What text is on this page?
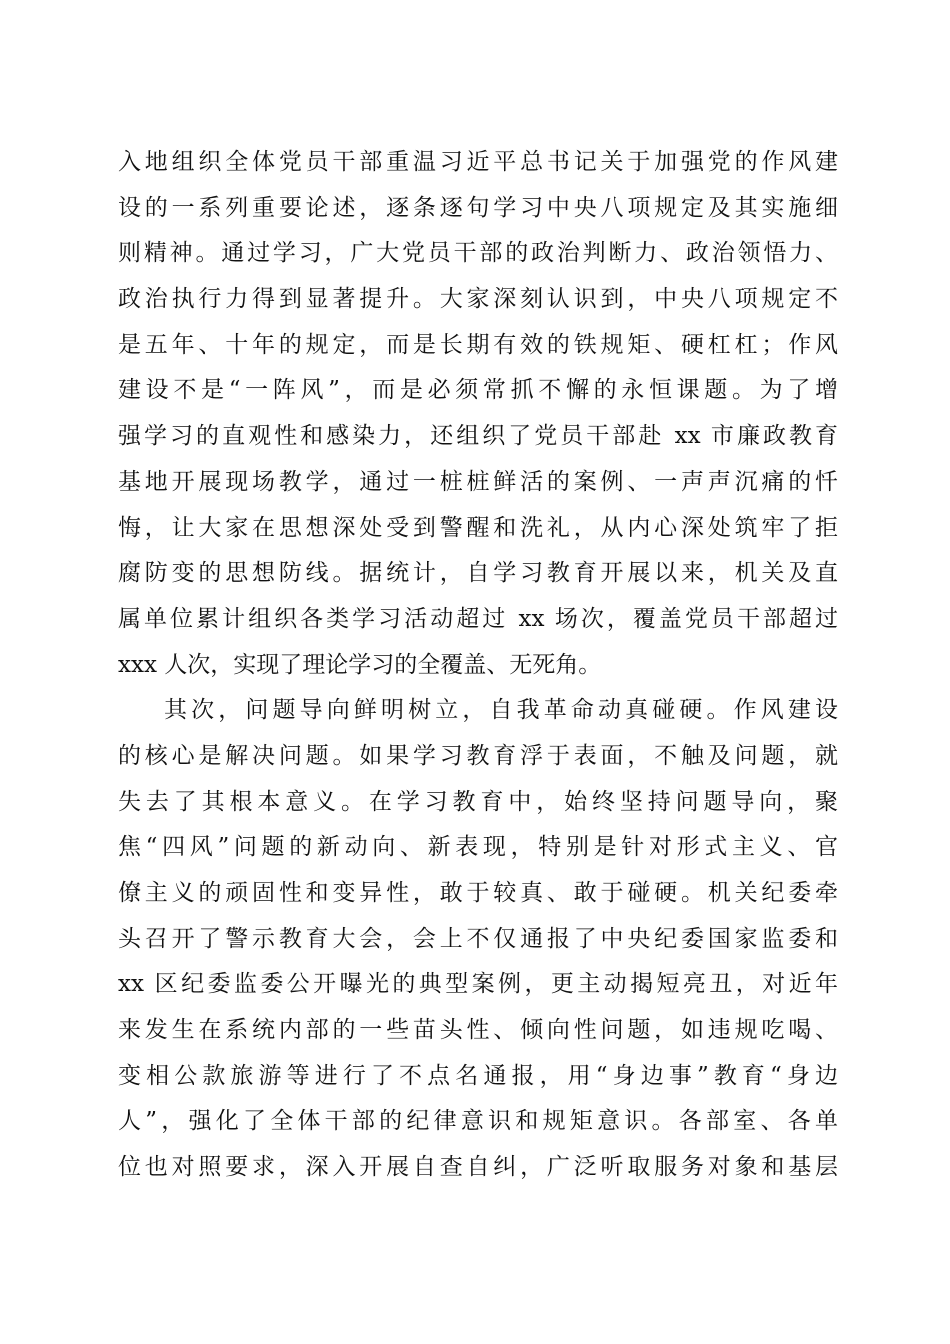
入地组织全体党员干部重温习近平总书记关于加强党的作风建
设的一系列重要论述，逐条逐句学习中央八项规定及其实施细
则精神。通过学习，广大党员干部的政治判断力、政治领悟力、
政治执行力得到显著提升。大家深刻认识到，中央八项规定不
是五年、十年的规定，而是长期有效的铁规矩、硬杠杠；作风
建设不是“一阵风”，而是必须常抓不懈的永恒课题。为了增
强学习的直观性和感染力，还组织了党员干部赴 xx 市廉政教育
基地开展现场教学，通过一桩桩鲜活的案例、一声声沉痛的忏
悔，让大家在思想深处受到警醒和洗礼，从内心深处筑牢了拒
腐防变的思想防线。据统计，自学习教育开展以来，机关及直
属单位累计组织各类学习活动超过 xx 场次，覆盖党员干部超过
xxx 人次，实现了理论学习的全覆盖、无死角。
其次，问题导向鲜明树立，自我革命动真碰硬。作风建设
的核心是解决问题。如果学习教育浮于表面，不触及问题，就
失去了其根本意义。在学习教育中，始终坚持问题导向，聚
焦“四风”问题的新动向、新表现，特别是针对形式主义、官
僚主义的顽固性和变异性，敢于较真、敢于碰硬。机关纪委牵
头召开了警示教育大会，会上不仅通报了中央纪委国家监委和
xx 区纪委监委公开曝光的典型案例，更主动揭短亮丑，对近年
来发生在系统内部的一些苗头性、倾向性问题，如违规吃喝、
变相公款旅游等进行了不点名通报，用“身边事”教育“身边
人”，强化了全体干部的纪律意识和规矩意识。各部室、各单
位也对照要求，深入开展自查自纠，广泛听取服务对象和基层
